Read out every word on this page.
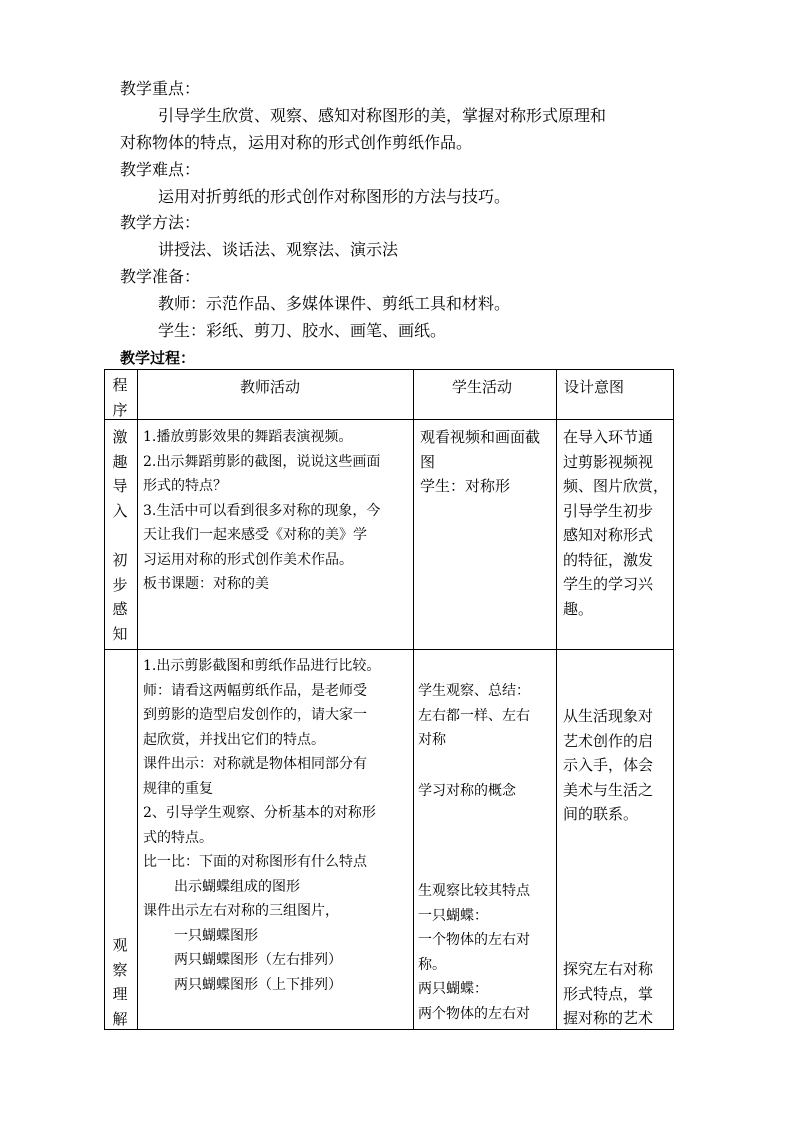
教学重点：
引导学生欣赏、观察、感知对称图形的美，掌握对称形式原理和
对称物体的特点，运用对称的形式创作剪纸作品。
教学难点：
运用对折剪纸的形式创作对称图形的方法与技巧。
教学方法：
讲授法、谈话法、观察法、演示法
教学准备：
教师：示范作品、多媒体课件、剪纸工具和材料。
学生：彩纸、剪刀、胶水、画笔、画纸。
教学过程：
程
序
教师活动	学生活动	设计意图
激
趣
导
入

初
步
感
知
1.播放剪影效果的舞蹈表演视频。
2.出示舞蹈剪影的截图，说说这些画面
形式的特点？
3.生活中可以看到很多对称的现象，今
天让我们一起来感受《对称的美》学
习运用对称的形式创作美术作品。
板书课题：对称的美
观看视频和画面截
图
学生：对称形
在导入环节通
过剪影视频视
频、图片欣赏，
引导学生初步
感知对称形式
的特征，激发
学生的学习兴
趣。
观
察
理
解
1.出示剪影截图和剪纸作品进行比较。
师：请看这两幅剪纸作品，是老师受
到剪影的造型启发创作的，请大家一
起欣赏，并找出它们的特点。
课件出示：对称就是物体相同部分有
规律的重复
2、引导学生观察、分析基本的对称形
式的特点。
比一比：下面的对称图形有什么特点
出示蝴蝶组成的图形
课件出示左右对称的三组图片，
一只蝴蝶图形
两只蝴蝶图形（左右排列）
两只蝴蝶图形（上下排列）
学生观察、总结：
左右都一样、左右
对称
学习对称的概念
生观察比较其特点
一只蝴蝶：
一个物体的左右对
称。
两只蝴蝶：
两个物体的左右对
从生活现象对
艺术创作的启
示入手，体会
美术与生活之
间的联系。
探究左右对称
形式特点，掌
握对称的艺术
